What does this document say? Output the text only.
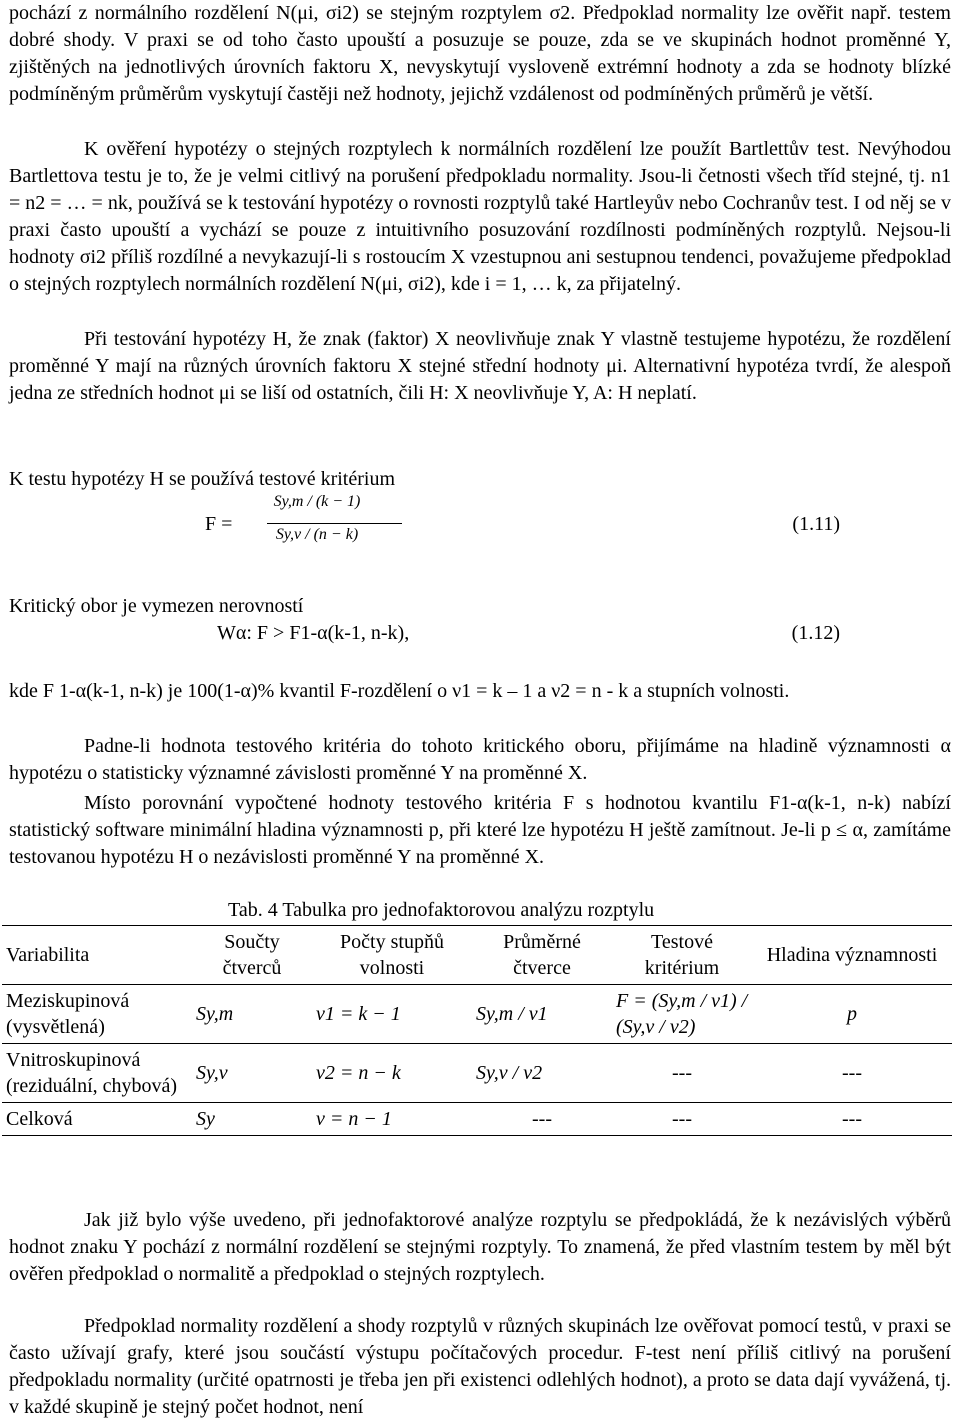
pochází z normálního rozdělení N(μi, σi2) se stejným rozptylem σ2. Předpoklad normality lze ověřit např. testem dobré shody. V praxi se od toho často upouští a posuzuje se pouze, zda se ve skupinách hodnot proměnné Y, zjištěných na jednotlivých úrovních faktoru X, nevyskytují vysloveně extrémní hodnoty a zda se hodnoty blízké podmíněným průměrům vyskytují častěji než hodnoty, jejichž vzdálenost od podmíněných průměrů je větší.

K ověření hypotézy o stejných rozptylech k normálních rozdělení lze použít Bartlettův test. Nevýhodou Bartlettova testu je to, že je velmi citlivý na porušení předpokladu normality. Jsou-li četnosti všech tříd stejné, tj. n1 = n2 = … = nk, používá se k testování hypotézy o rovnosti rozptylů také Hartleyův nebo Cochranův test. I od něj se v praxi často upouští a vychází se pouze z intuitivního posuzování rozdílnosti podmíněných rozptylů. Nejsou-li hodnoty σi2 příliš rozdílné a nevykazují-li s rostoucím X vzestupnou ani sestupnou tendenci, považujeme předpoklad o stejných rozptylech normálních rozdělení N(μi, σi2), kde i = 1, … k, za přijatelný.

Při testování hypotézy H, že znak (faktor) X neovlivňuje znak Y vlastně testujeme hypotézu, že rozdělení proměnné Y mají na různých úrovních faktoru X stejné střední hodnoty μi. Alternativní hypotéza tvrdí, že alespoň jedna ze středních hodnot μi se liší od ostatních, čili H: X neovlivňuje Y, A: H neplatí.

K testu hypotézy H se používá testové kritérium

F =
Sy,m / (k − 1)
Sy,v / (n − k)	(1.11)

Kritický obor je vymezen nerovností

Wα: F > F1-α(k-1, n-k),	(1.12)

kde F 1-α(k-1, n-k) je 100(1-α)% kvantil F-rozdělení o ν1 = k – 1 a ν2 = n - k a stupních volnosti.

Padne-li hodnota testového kritéria do tohoto kritického oboru, přijímáme na hladině významnosti α hypotézu o statisticky významné závislosti proměnné Y na proměnné X.

Místo porovnání vypočtené hodnoty testového kritéria F s hodnotou kvantilu F1-α(k-1, n-k) nabízí statistický software minimální hladina významnosti p, při které lze hypotézu H ještě zamítnout. Je-li p ≤ α, zamítáme testovanou hypotézu H o nezávislosti proměnné Y na proměnné X.

Tab. 4 Tabulka pro jednofaktorovou analýzu rozptylu
Variabilita	Součty čtverců	Počty stupňů volnosti	Průměrné čtverce	Testové kritérium	Hladina významnosti
Meziskupinová (vysvětlená)	Sy,m	ν1 = k − 1	Sy,m / ν1	F = (Sy,m / ν1) / (Sy,v / ν2)	p
Vnitroskupinová (reziduální, chybová)	Sy,v	ν2 = n − k	Sy,v / ν2	---	---
Celková	Sy	ν = n − 1	---	---	---

Jak již bylo výše uvedeno, při jednofaktorové analýze rozptylu se předpokládá, že k nezávislých výběrů hodnot znaku Y pochází z normální rozdělení se stejnými rozptyly. To znamená, že před vlastním testem by měl být ověřen předpoklad o normalitě a předpoklad o stejných rozptylech.

Předpoklad normality rozdělení a shody rozptylů v různých skupinách lze ověřovat pomocí testů, v praxi se často užívají grafy, které jsou součástí výstupu počítačových procedur. F-test není příliš citlivý na porušení předpokladu normality (určité opatrnosti je třeba jen při existenci odlehlých hodnot), a proto se data dají vyvážená, tj. v každé skupině je stejný počet hodnot, není
